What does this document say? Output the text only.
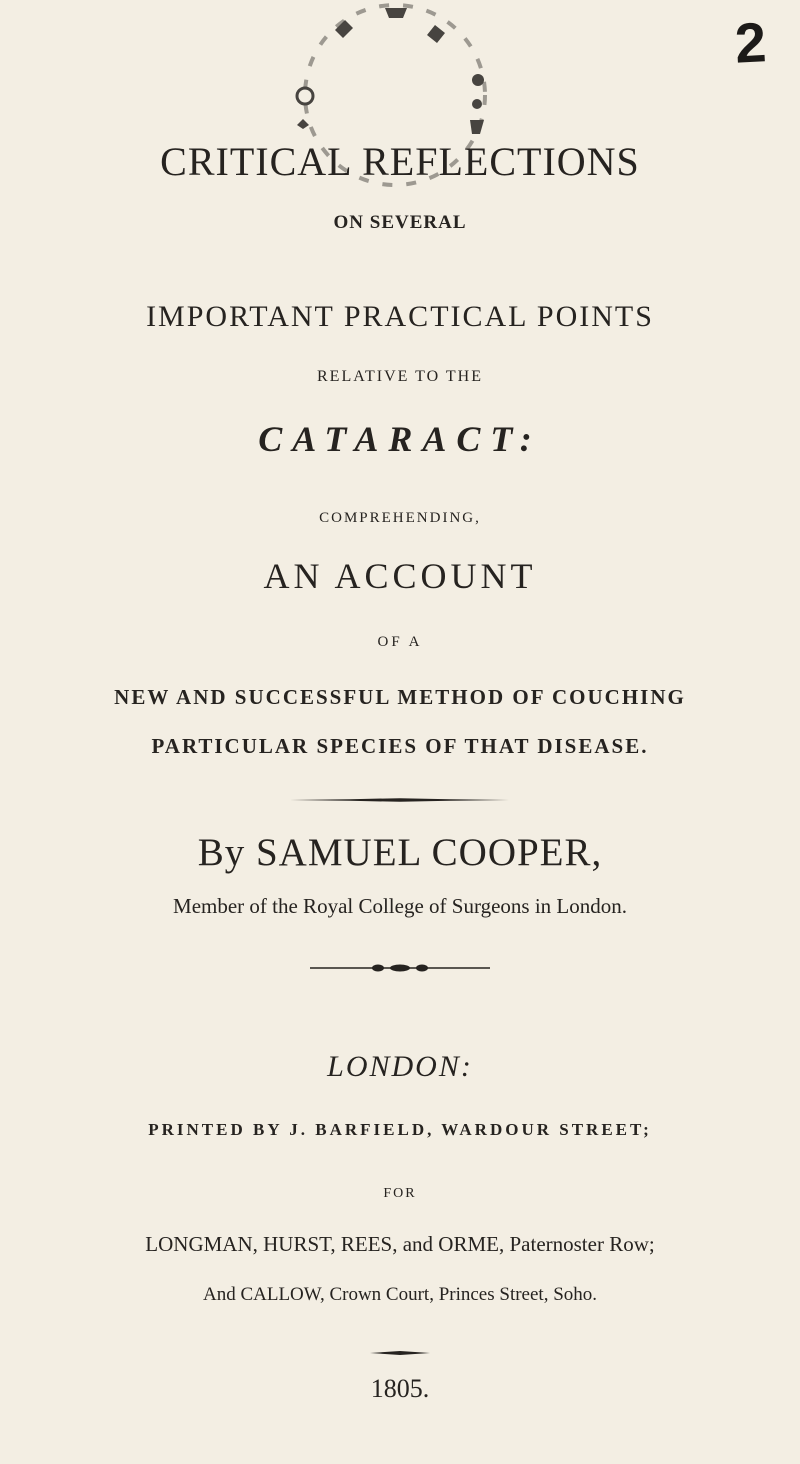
2
CRITICAL REFLECTIONS
ON SEVERAL
IMPORTANT PRACTICAL POINTS
RELATIVE TO THE
CATARACT:
COMPREHENDING,
AN ACCOUNT
OF A
NEW AND SUCCESSFUL METHOD OF COUCHING
PARTICULAR SPECIES OF THAT DISEASE.
By SAMUEL COOPER,
Member of the Royal College of Surgeons in London.
LONDON:
PRINTED BY J. BARFIELD, WARDOUR STREET;
FOR
LONGMAN, HURST, REES, and ORME, Paternoster Row;
And CALLOW, Crown Court, Princes Street, Soho.
1805.
